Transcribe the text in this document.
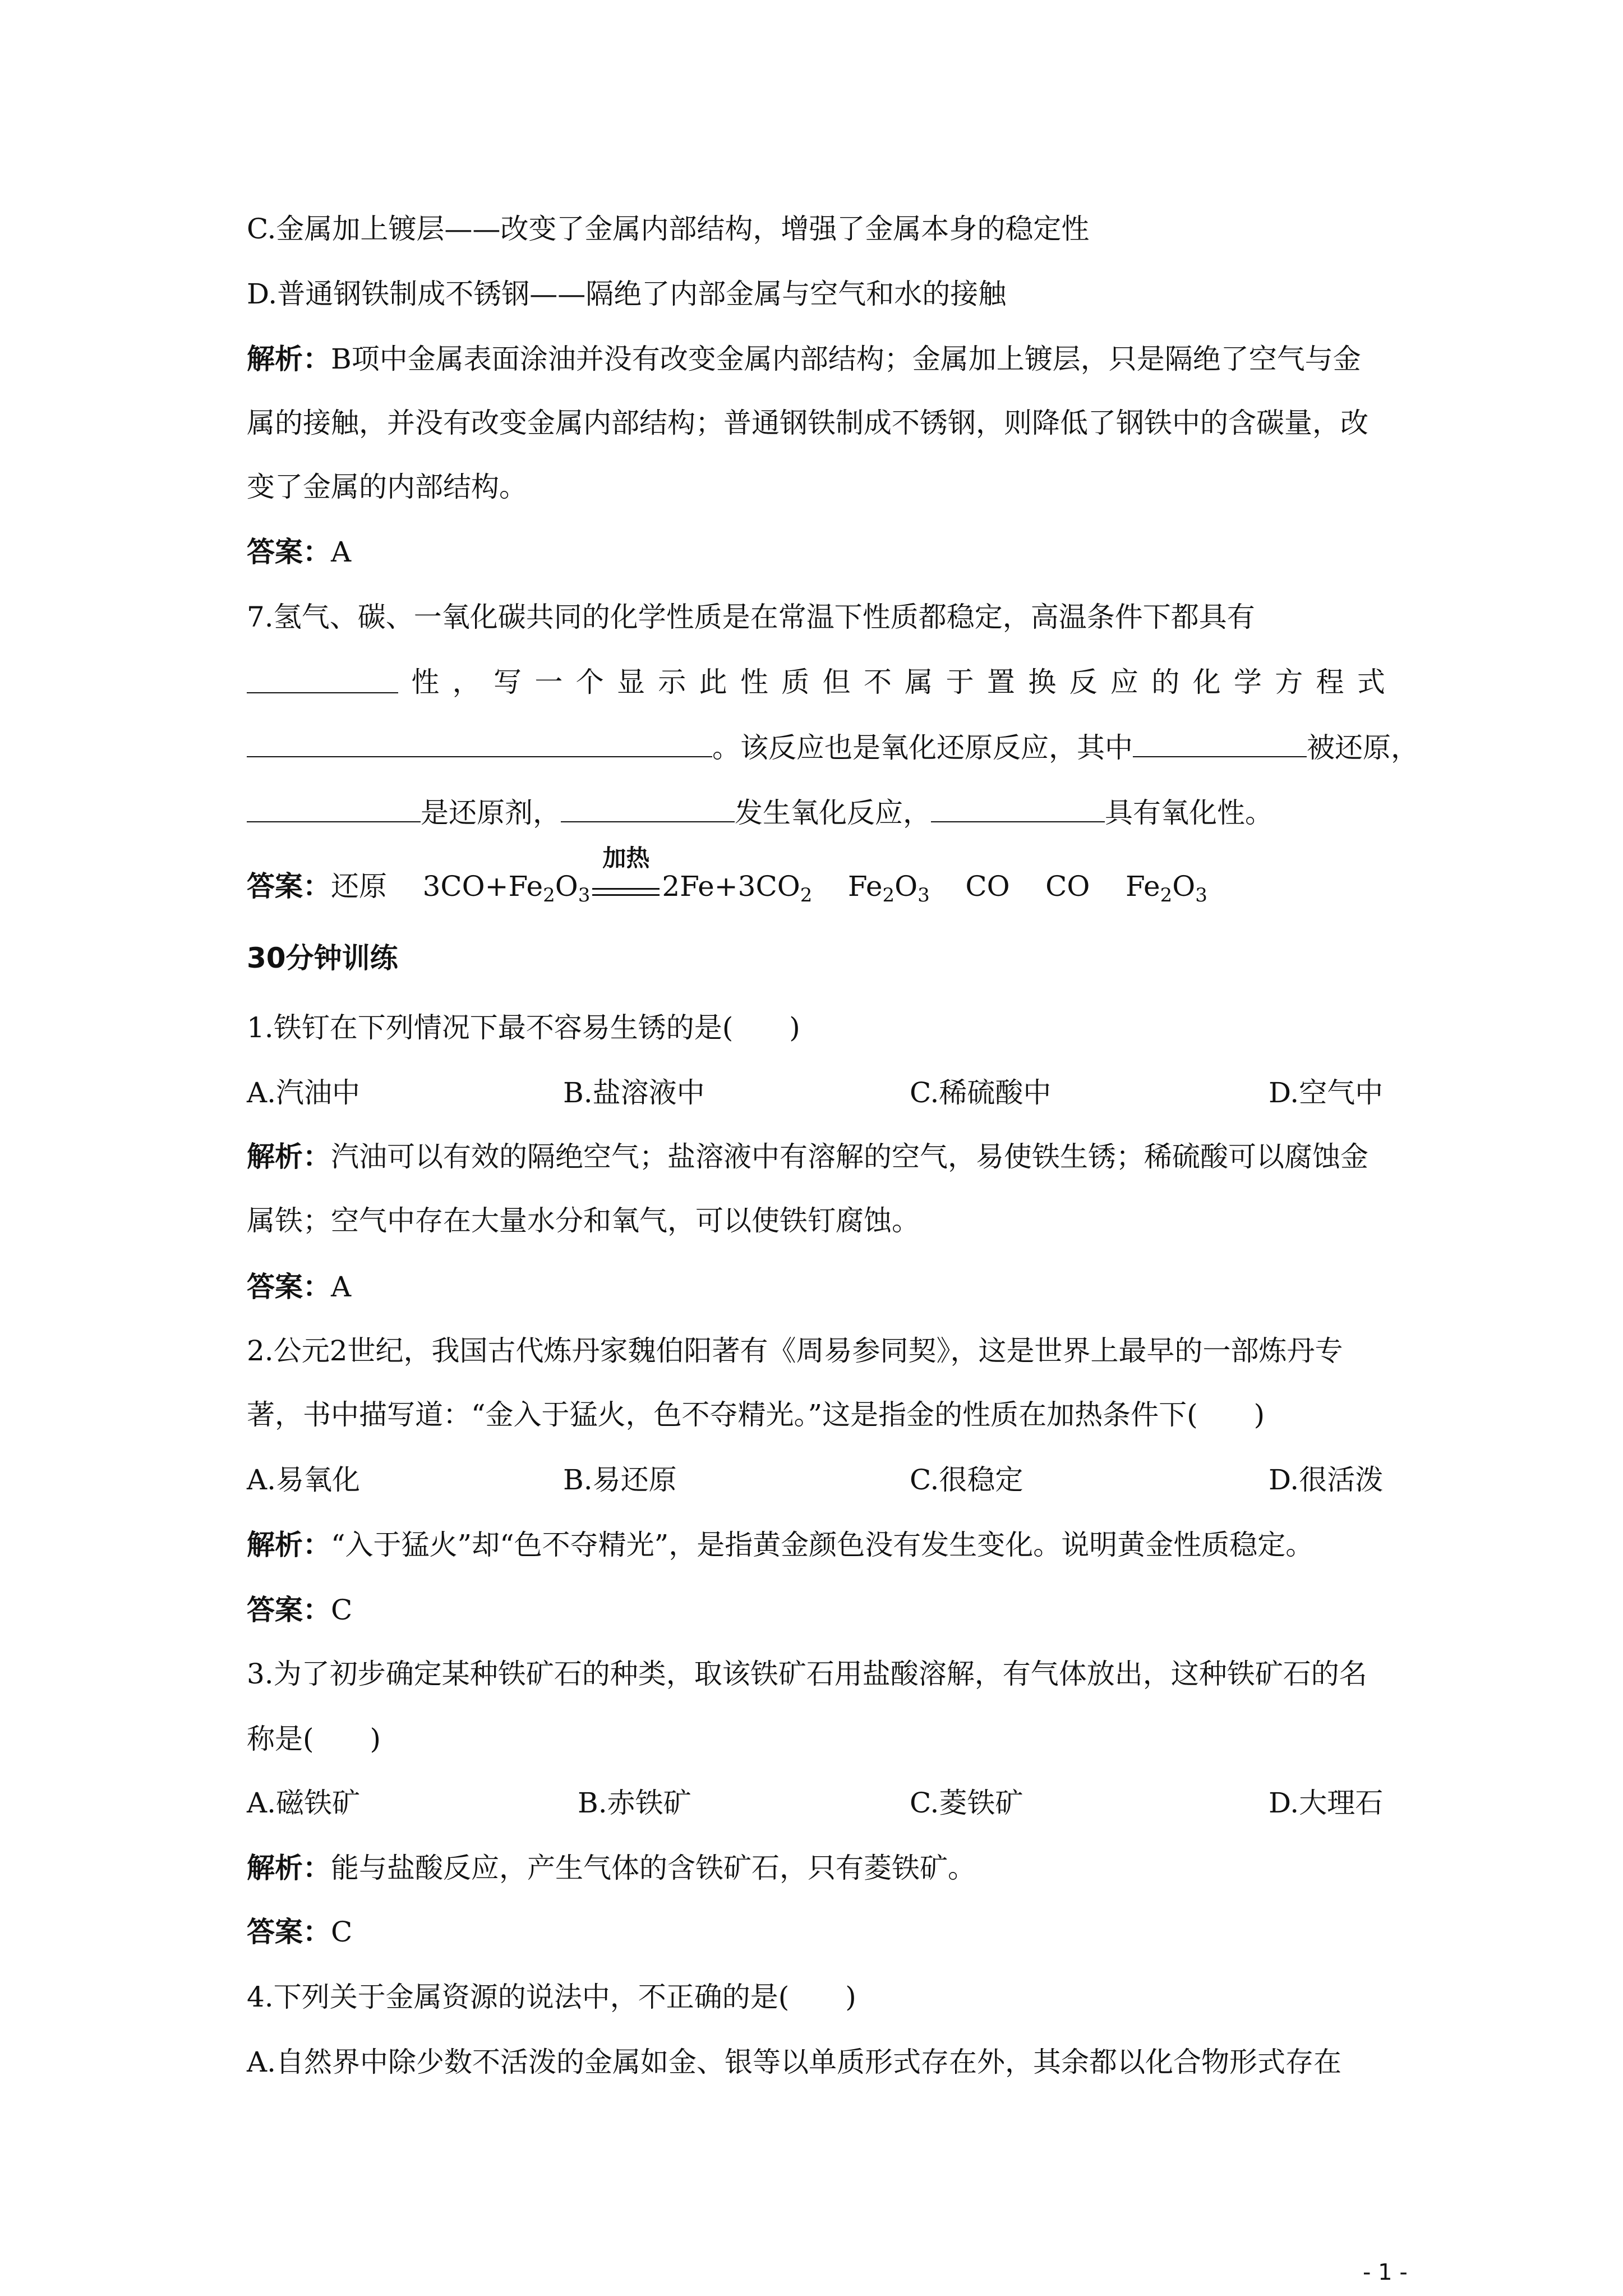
C.金属加上镀层——改变了金属内部结构，增强了金属本身的稳定性
D.普通钢铁制成不锈钢——隔绝了内部金属与空气和水的接触
解析：B项中金属表面涂油并没有改变金属内部结构；金属加上镀层，只是隔绝了空气与金
属的接触，并没有改变金属内部结构；普通钢铁制成不锈钢，则降低了钢铁中的含碳量，改
变了金属的内部结构。
答案：A
7.氢气、碳、一氧化碳共同的化学性质是在常温下性质都稳定，高温条件下都具有
性 ， 写 一 个 显 示 此 性 质 但 不 属 于 置 换 反 应 的 化 学 方 程 式
。该反应也是氧化还原反应，其中	被还原，
是还原剂，	发生氧化反应，	具有氧化性。
答案：还原 $3CO+Fe_2O_3$
加热
$2Fe+3CO_2$ $Fe_2O_3$ CO CO $Fe_2O_3$
30分钟训练
1.铁钉在下列情况下最不容易生锈的是(　　)
A.汽油中	B.盐溶液中	C.稀硫酸中	D.空气中
解析：汽油可以有效的隔绝空气；盐溶液中有溶解的空气，易使铁生锈；稀硫酸可以腐蚀金
属铁；空气中存在大量水分和氧气，可以使铁钉腐蚀。
答案：A
2.公元2世纪，我国古代炼丹家魏伯阳著有《周易参同契》，这是世界上最早的一部炼丹专
著，书中描写道：“金入于猛火，色不夺精光。”这是指金的性质在加热条件下(　　)
A.易氧化	B.易还原	C.很稳定	D.很活泼
解析：“入于猛火”却“色不夺精光”，是指黄金颜色没有发生变化。说明黄金性质稳定。
答案：C
3.为了初步确定某种铁矿石的种类，取该铁矿石用盐酸溶解，有气体放出，这种铁矿石的名
称是(　　)
A.磁铁矿	B.赤铁矿	C.菱铁矿	D.大理石
解析：能与盐酸反应，产生气体的含铁矿石，只有菱铁矿。
答案：C
4.下列关于金属资源的说法中，不正确的是(　　)
A.自然界中除少数不活泼的金属如金、银等以单质形式存在外，其余都以化合物形式存在
- 1 -
